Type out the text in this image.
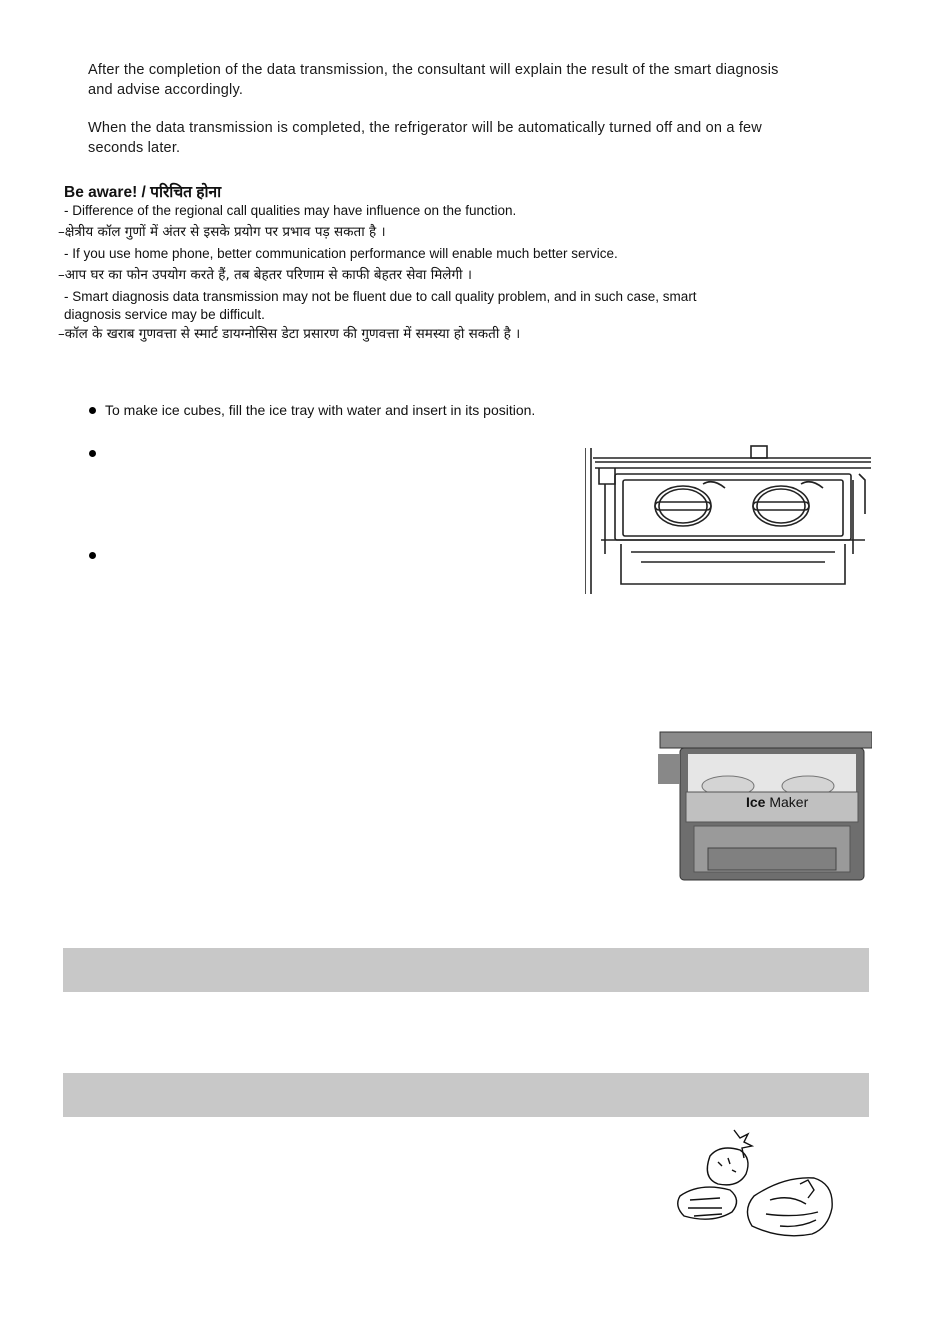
After the completion of the data transmission, the consultant will explain the result of the smart diagnosis and advise accordingly.
When the data transmission is completed, the refrigerator will be automatically turned off and on a few seconds later.
Be aware! / परिचित होना
- Difference of the regional call qualities may have influence on the function.
–क्षेत्रीय कॉल गुणों में अंतर से इसके प्रयोग पर प्रभाव पड़ सकता है ।
- If you use home phone, better communication performance will enable much better service.
–आप घर का फोन उपयोग करते हैं, तब बेहतर परिणाम से काफी बेहतर सेवा मिलेगी ।
- Smart diagnosis data transmission may not be fluent due to call quality problem, and in such case, smart
diagnosis service may be difficult.
–कॉल के खराब गुणवत्ता से स्मार्ट डायग्नोसिस डेटा प्रसारण की गुणवत्ता में समस्या हो सकती है ।
To make ice cubes, fill the ice tray with water and insert in its position.
Ice Maker
